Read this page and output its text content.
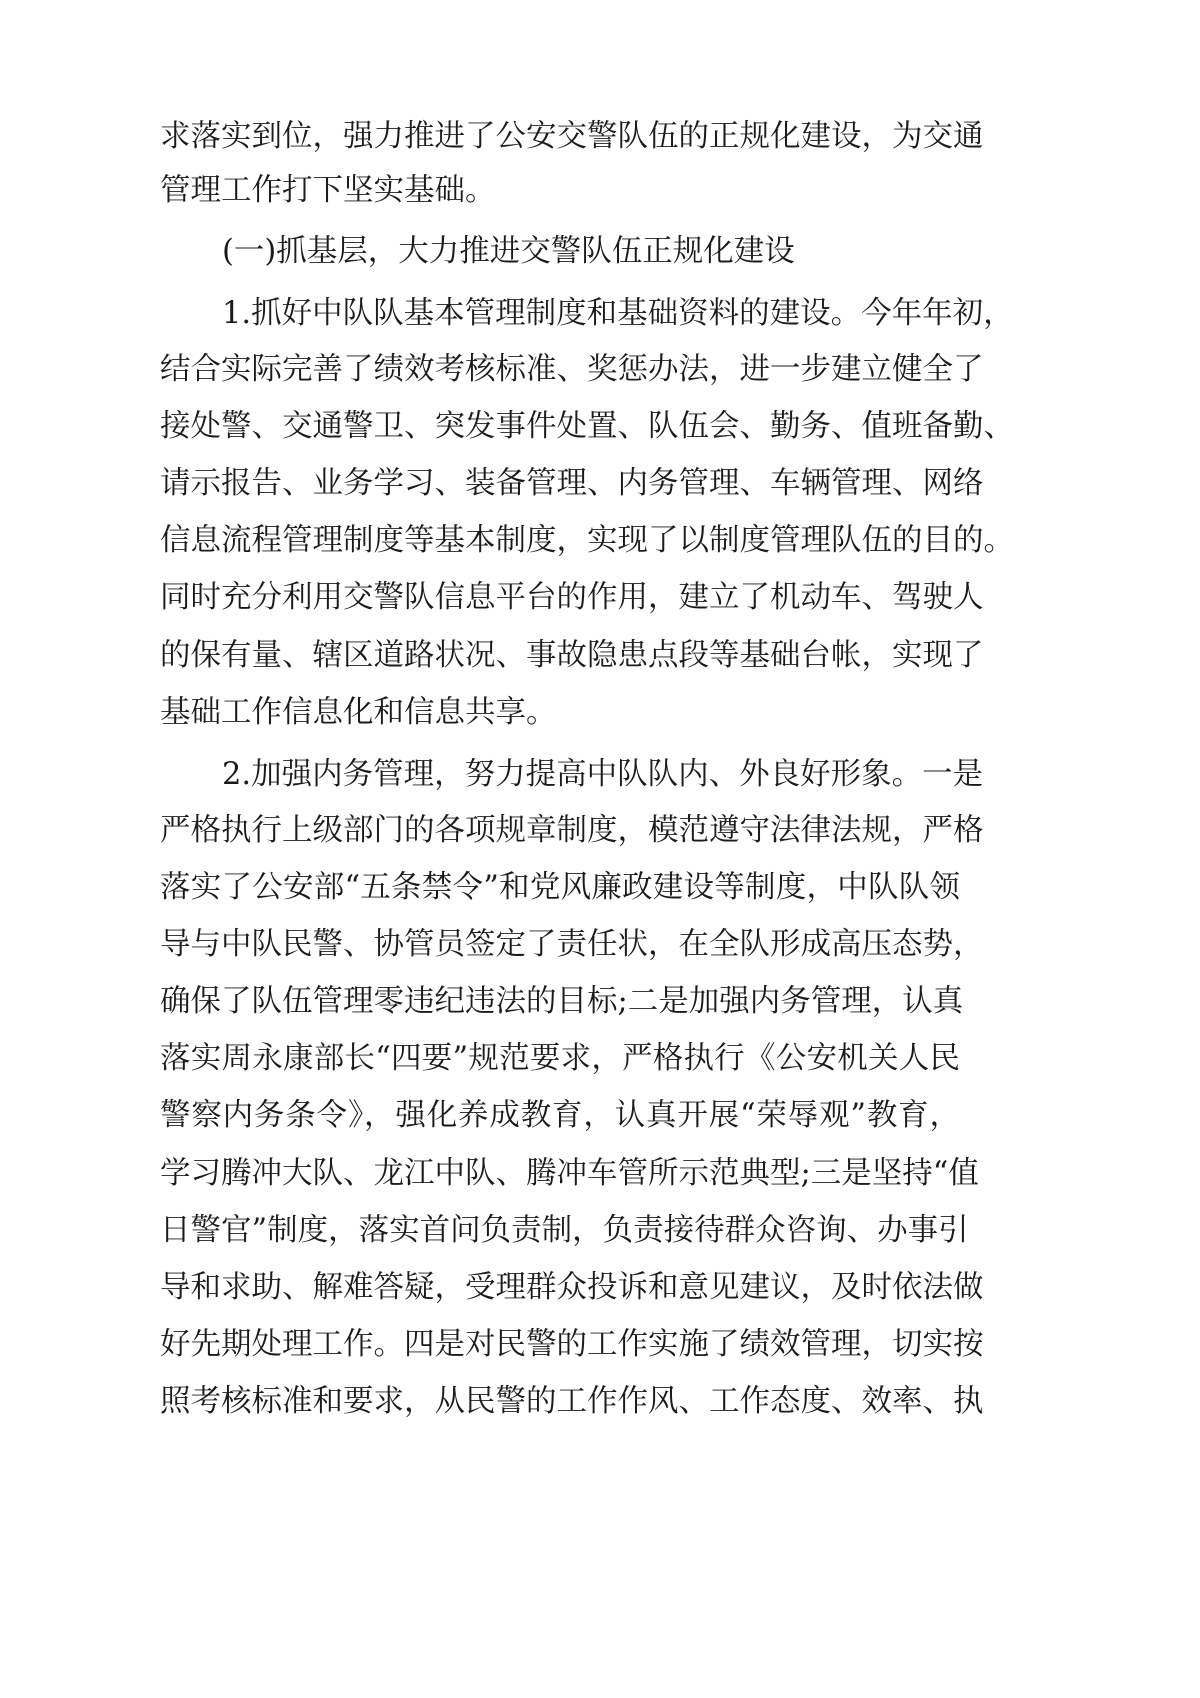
求落实到位，强力推进了公安交警队伍的正规化建设，为交通
管理工作打下坚实基础。
(一)抓基层，大力推进交警队伍正规化建设
1.抓好中队队基本管理制度和基础资料的建设。今年年初，
结合实际完善了绩效考核标准、奖惩办法，进一步建立健全了
接处警、交通警卫、突发事件处置、队伍会、勤务、值班备勤、
请示报告、业务学习、装备管理、内务管理、车辆管理、网络
信息流程管理制度等基本制度，实现了以制度管理队伍的目的。
同时充分利用交警队信息平台的作用，建立了机动车、驾驶人
的保有量、辖区道路状况、事故隐患点段等基础台帐，实现了
基础工作信息化和信息共享。
2.加强内务管理，努力提高中队队内、外良好形象。一是
严格执行上级部门的各项规章制度，模范遵守法律法规，严格
落实了公安部“五条禁令”和党风廉政建设等制度，中队队领
导与中队民警、协管员签定了责任状，在全队形成高压态势，
确保了队伍管理零违纪违法的目标;二是加强内务管理，认真
落实周永康部长“四要”规范要求，严格执行《公安机关人民
警察内务条令》，强化养成教育，认真开展“荣辱观”教育，
学习腾冲大队、龙江中队、腾冲车管所示范典型;三是坚持“值
日警官”制度，落实首问负责制，负责接待群众咨询、办事引
导和求助、解难答疑，受理群众投诉和意见建议，及时依法做
好先期处理工作。四是对民警的工作实施了绩效管理，切实按
照考核标准和要求，从民警的工作作风、工作态度、效率、执
